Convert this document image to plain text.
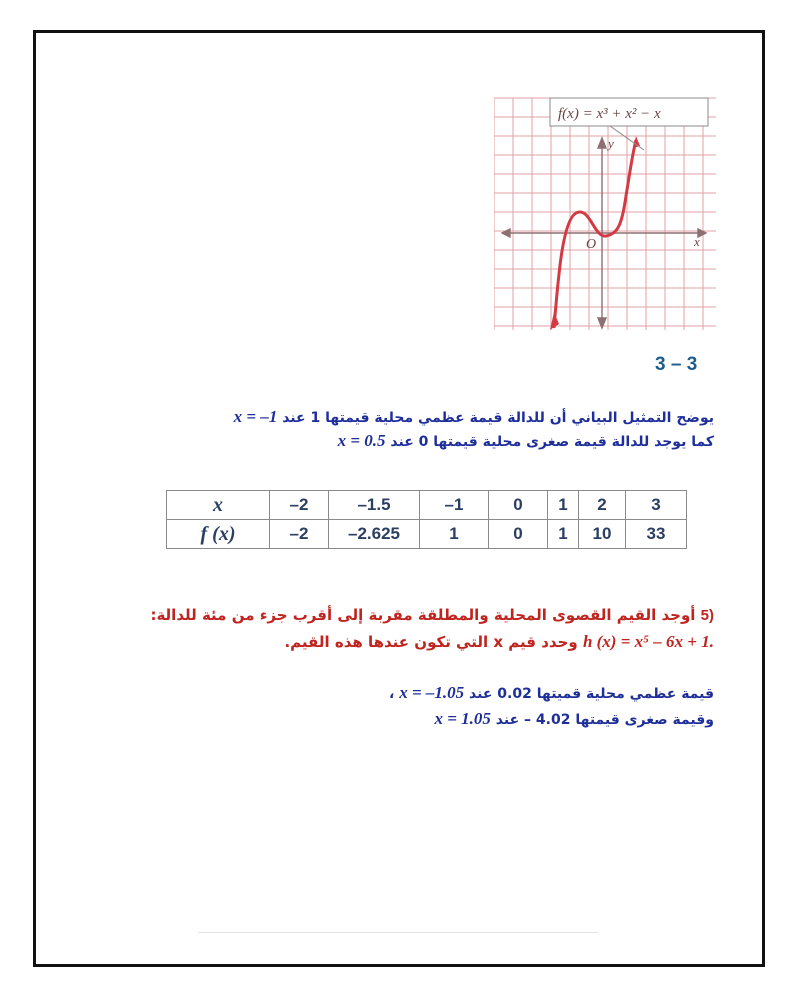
f(x) = x³ + x² − x
y
x
O
3 – 3
يوضح التمثيل البياني أن للدالة قيمة عظمي محلية قيمتها 1 عند x = –1
كما يوجد للدالة قيمة صغرى محلية قيمتها 0 عند x = 0.5
x	–2	–1.5	–1	0	1	2	3
f (x)	–2	–2.625	1	0	1	10	33
5) أوجد القيم القصوى المحلية والمطلقة مقربة إلى أقرب جزء من مئة للدالة:
h (x) = x⁵ – 6x + 1. وحدد قيم x التي تكون عندها هذه القيم.
قيمة عظمي محلية قميتها 0.02 عند x = –1.05 ،
وقيمة صغرى قيمتها 4.02 – عند x = 1.05
